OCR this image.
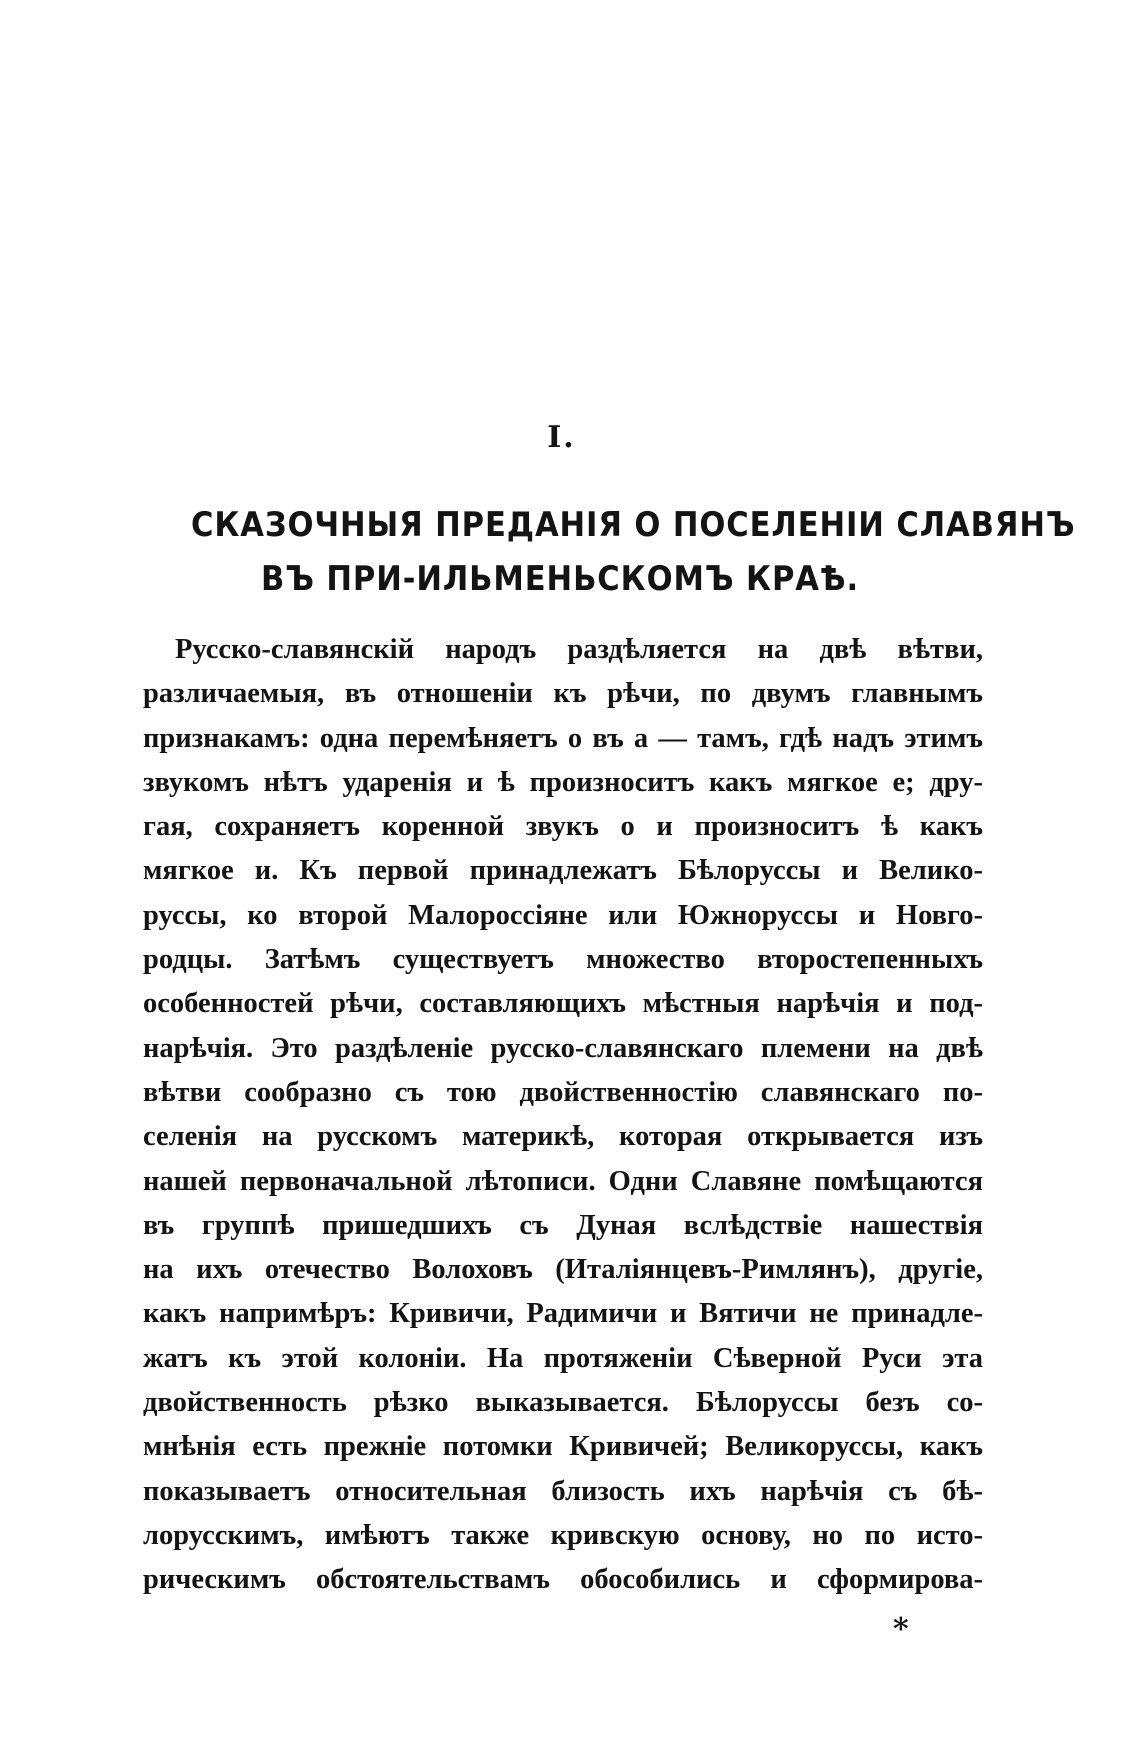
I.
СКАЗОЧНЫЯ ПРЕДАНІЯ О ПОСЕЛЕНІИ СЛАВЯНЪ
ВЪ ПРИ-ИЛЬМЕНЬСКОМЪ КРАѢ.
Русско-славянскій народъ раздѣляется на двѣ вѣтви,
различаемыя, въ отношеніи къ рѣчи, по двумъ главнымъ
признакамъ: одна перемѣняетъ о въ а — тамъ, гдѣ надъ этимъ
звукомъ нѣтъ ударенія и ѣ произноситъ какъ мягкое е; дру-
гая, сохраняетъ коренной звукъ о и произноситъ ѣ какъ
мягкое и. Къ первой принадлежатъ Бѣлоруссы и Велико-
руссы, ко второй Малороссіяне или Южноруссы и Новго-
родцы. Затѣмъ существуетъ множество второстепенныхъ
особенностей рѣчи, составляющихъ мѣстныя нарѣчія и под-
нарѣчія. Это раздѣленіе русско-славянскаго племени на двѣ
вѣтви сообразно съ тою двойственностію славянскаго по-
селенія на русскомъ материкѣ, которая открывается изъ
нашей первоначальной лѣтописи. Одни Славяне помѣщаются
въ группѣ пришедшихъ съ Дуная вслѣдствіе нашествія
на ихъ отечество Волоховъ (Италіянцевъ-Римлянъ), другіе,
какъ напримѣръ: Кривичи, Радимичи и Вятичи не принадле-
жатъ къ этой колоніи. На протяженіи Сѣверной Руси эта
двойственность рѣзко выказывается. Бѣлоруссы безъ со-
мнѣнія есть прежніе потомки Кривичей; Великоруссы, какъ
показываетъ относительная близость ихъ нарѣчія съ бѣ-
лорусскимъ, имѣютъ также кривскую основу, но по исто-
рическимъ обстоятельствамъ обособились и сформирова-
*
